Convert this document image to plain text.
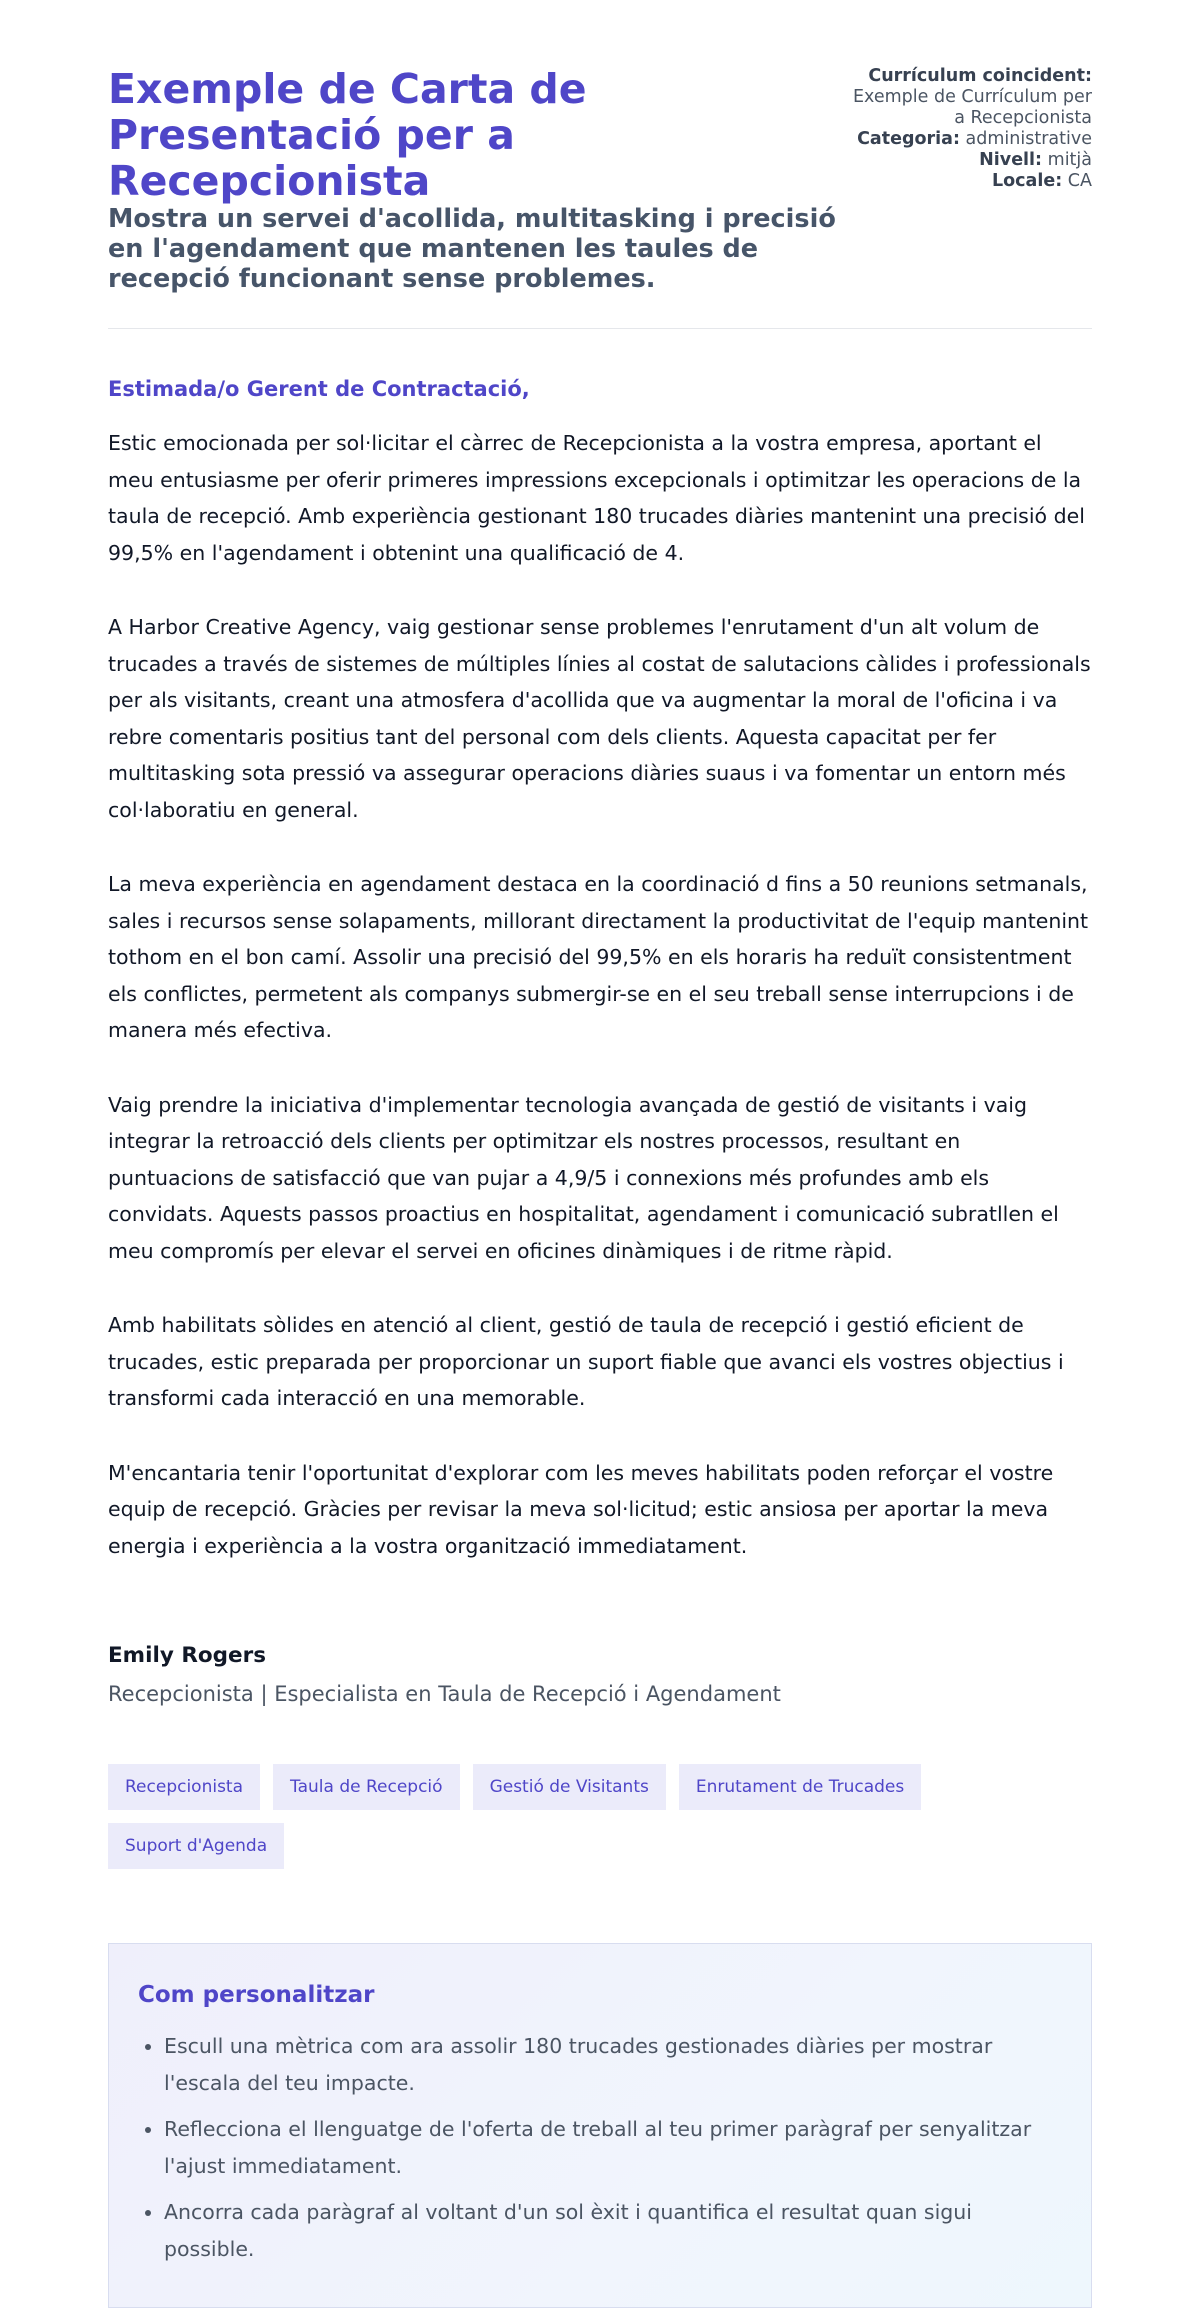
Exemple de Carta de Presentació per a Recepcionista

Mostra un servei d'acollida, multitasking i precisió en l'agendament que mantenen les taules de recepció funcionant sense problemes.

Currículum coincident: Exemple de Currículum per a Recepcionista

Categoria: administrative

Nivell: mitjà

Locale: CA

Estimada/o Gerent de Contractació,

Estic emocionada per sol·licitar el càrrec de Recepcionista a la vostra empresa, aportant el meu entusiasme per oferir primeres impressions excepcionals i optimitzar les operacions de la taula de recepció. Amb experiència gestionant 180 trucades diàries mantenint una precisió del 99,5% en l'agendament i obtenint una qualificació de 4.

A Harbor Creative Agency, vaig gestionar sense problemes l'enrutament d'un alt volum de trucades a través de sistemes de múltiples línies al costat de salutacions càlides i professionals per als visitants, creant una atmosfera d'acollida que va augmentar la moral de l'oficina i va rebre comentaris positius tant del personal com dels clients. Aquesta capacitat per fer multitasking sota pressió va assegurar operacions diàries suaus i va fomentar un entorn més col·laboratiu en general.

La meva experiència en agendament destaca en la coordinació d fins a 50 reunions setmanals, sales i recursos sense solapaments, millorant directament la productivitat de l'equip mantenint tothom en el bon camí. Assolir una precisió del 99,5% en els horaris ha reduït consistentment els conflictes, permetent als companys submergir-se en el seu treball sense interrupcions i de manera més efectiva.

Vaig prendre la iniciativa d'implementar tecnologia avançada de gestió de visitants i vaig integrar la retroacció dels clients per optimitzar els nostres processos, resultant en puntuacions de satisfacció que van pujar a 4,9/5 i connexions més profundes amb els convidats. Aquests passos proactius en hospitalitat, agendament i comunicació subratllen el meu compromís per elevar el servei en oficines dinàmiques i de ritme ràpid.

Amb habilitats sòlides en atenció al client, gestió de taula de recepció i gestió eficient de trucades, estic preparada per proporcionar un suport fiable que avanci els vostres objectius i transformi cada interacció en una memorable.

M'encantaria tenir l'oportunitat d'explorar com les meves habilitats poden reforçar el vostre equip de recepció. Gràcies per revisar la meva sol·licitud; estic ansiosa per aportar la meva energia i experiència a la vostra organització immediatament.

Emily Rogers

Recepcionista | Especialista en Taula de Recepció i Agendament

Recepcionista	Taula de Recepció	Gestió de Visitants	Enrutament de Trucades
Suport d'Agenda

Com personalitzar

• Escull una mètrica com ara assolir 180 trucades gestionades diàries per mostrar l'escala del teu impacte.
• Reflecciona el llenguatge de l'oferta de treball al teu primer paràgraf per senyalitzar l'ajust immediatament.
• Ancorra cada paràgraf al voltant d'un sol èxit i quantifica el resultat quan sigui possible.
